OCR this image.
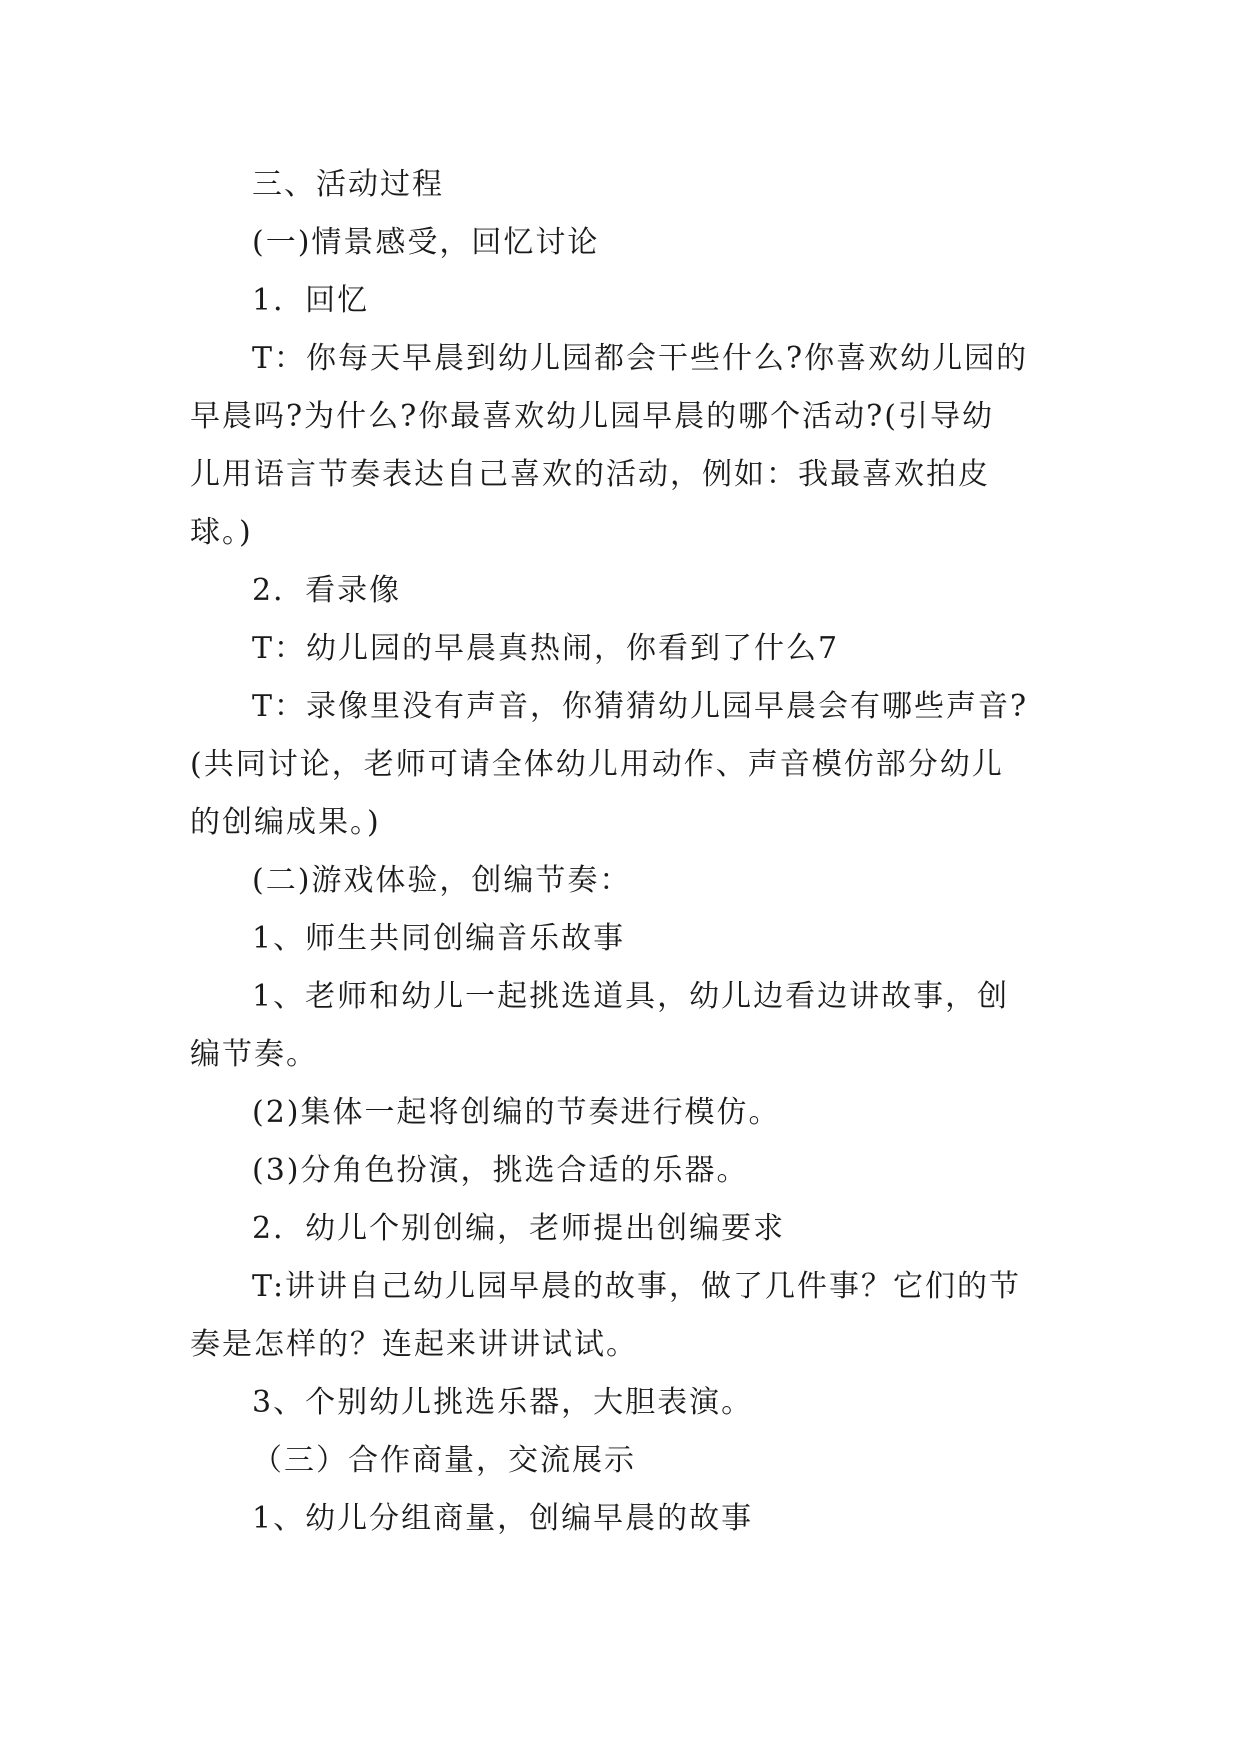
三、活动过程

(一)情景感受，回忆讨论

1．回忆

T：你每天早晨到幼儿园都会干些什么?你喜欢幼儿园的

早晨吗?为什么?你最喜欢幼儿园早晨的哪个活动?(引导幼

儿用语言节奏表达自己喜欢的活动，例如：我最喜欢拍皮

球。)

2．看录像

T：幼儿园的早晨真热闹，你看到了什么7

T：录像里没有声音，你猜猜幼儿园早晨会有哪些声音?

(共同讨论，老师可请全体幼儿用动作、声音模仿部分幼儿

的创编成果。)

(二)游戏体验，创编节奏：

1、师生共同创编音乐故事

1、老师和幼儿一起挑选道具，幼儿边看边讲故事，创

编节奏。

(2)集体一起将创编的节奏进行模仿。

(3)分角色扮演，挑选合适的乐器。

2．幼儿个别创编，老师提出创编要求

T:讲讲自己幼儿园早晨的故事，做了几件事？它们的节

奏是怎样的？连起来讲讲试试。

3、个别幼儿挑选乐器，大胆表演。

（三）合作商量，交流展示

1、幼儿分组商量，创编早晨的故事
